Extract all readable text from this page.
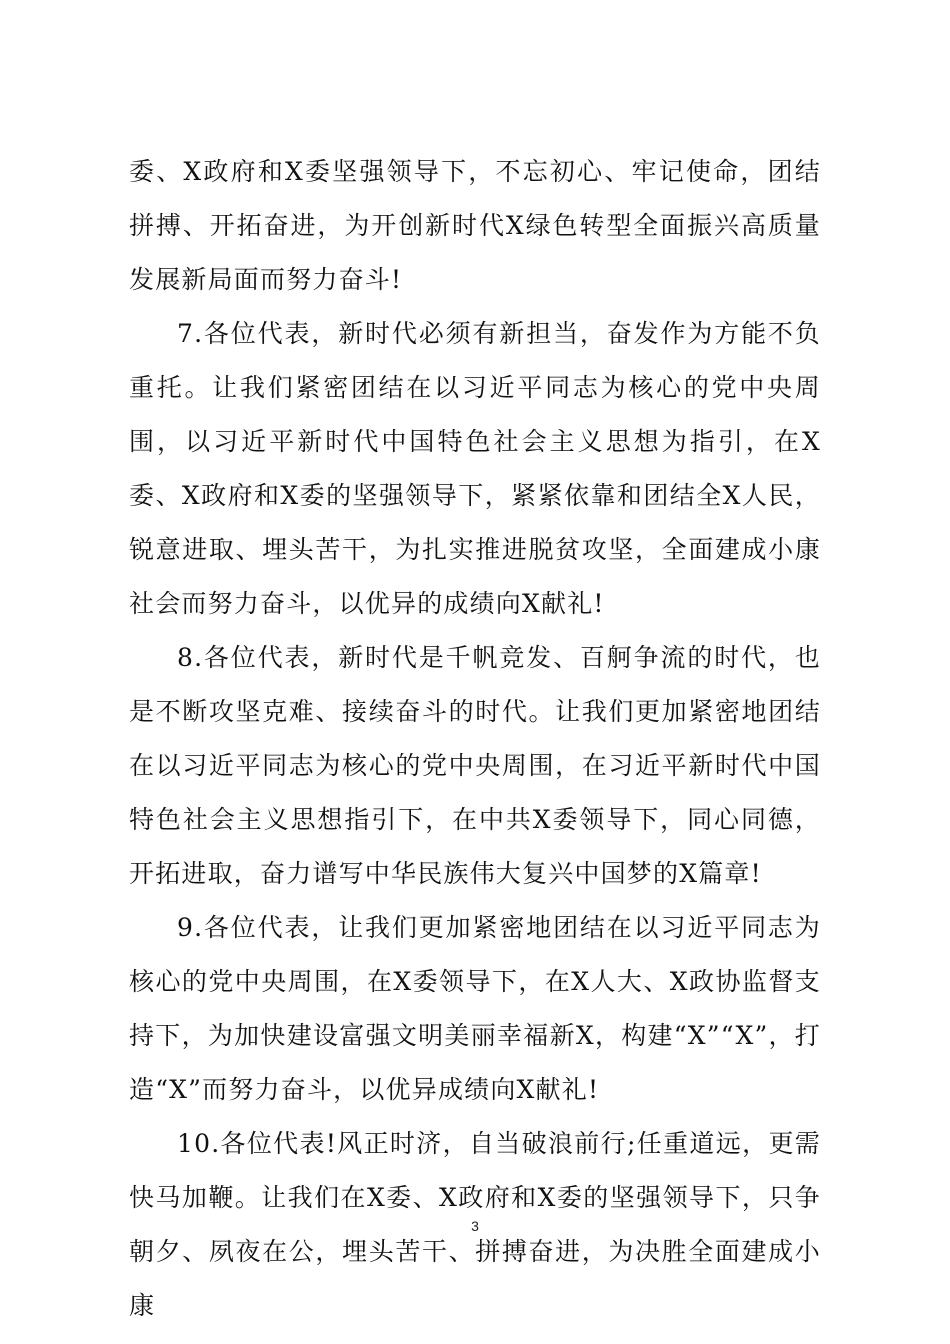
委、X政府和X委坚强领导下，不忘初心、牢记使命，团结拼搏、开拓奋进，为开创新时代X绿色转型全面振兴高质量发展新局面而努力奋斗!

7.各位代表，新时代必须有新担当，奋发作为方能不负重托。让我们紧密团结在以习近平同志为核心的党中央周围，以习近平新时代中国特色社会主义思想为指引，在X委、X政府和X委的坚强领导下，紧紧依靠和团结全X人民，锐意进取、埋头苦干，为扎实推进脱贫攻坚，全面建成小康社会而努力奋斗，以优异的成绩向X献礼!

8.各位代表，新时代是千帆竞发、百舸争流的时代，也是不断攻坚克难、接续奋斗的时代。让我们更加紧密地团结在以习近平同志为核心的党中央周围，在习近平新时代中国特色社会主义思想指引下，在中共X委领导下，同心同德，开拓进取，奋力谱写中华民族伟大复兴中国梦的X篇章!

9.各位代表，让我们更加紧密地团结在以习近平同志为核心的党中央周围，在X委领导下，在X人大、X政协监督支持下，为加快建设富强文明美丽幸福新X，构建“X”“X”，打造“X”而努力奋斗，以优异成绩向X献礼!

10.各位代表!风正时济，自当破浪前行;任重道远，更需快马加鞭。让我们在X委、X政府和X委的坚强领导下，只争朝夕、夙夜在公，埋头苦干、拼搏奋进，为决胜全面建成小康

3
